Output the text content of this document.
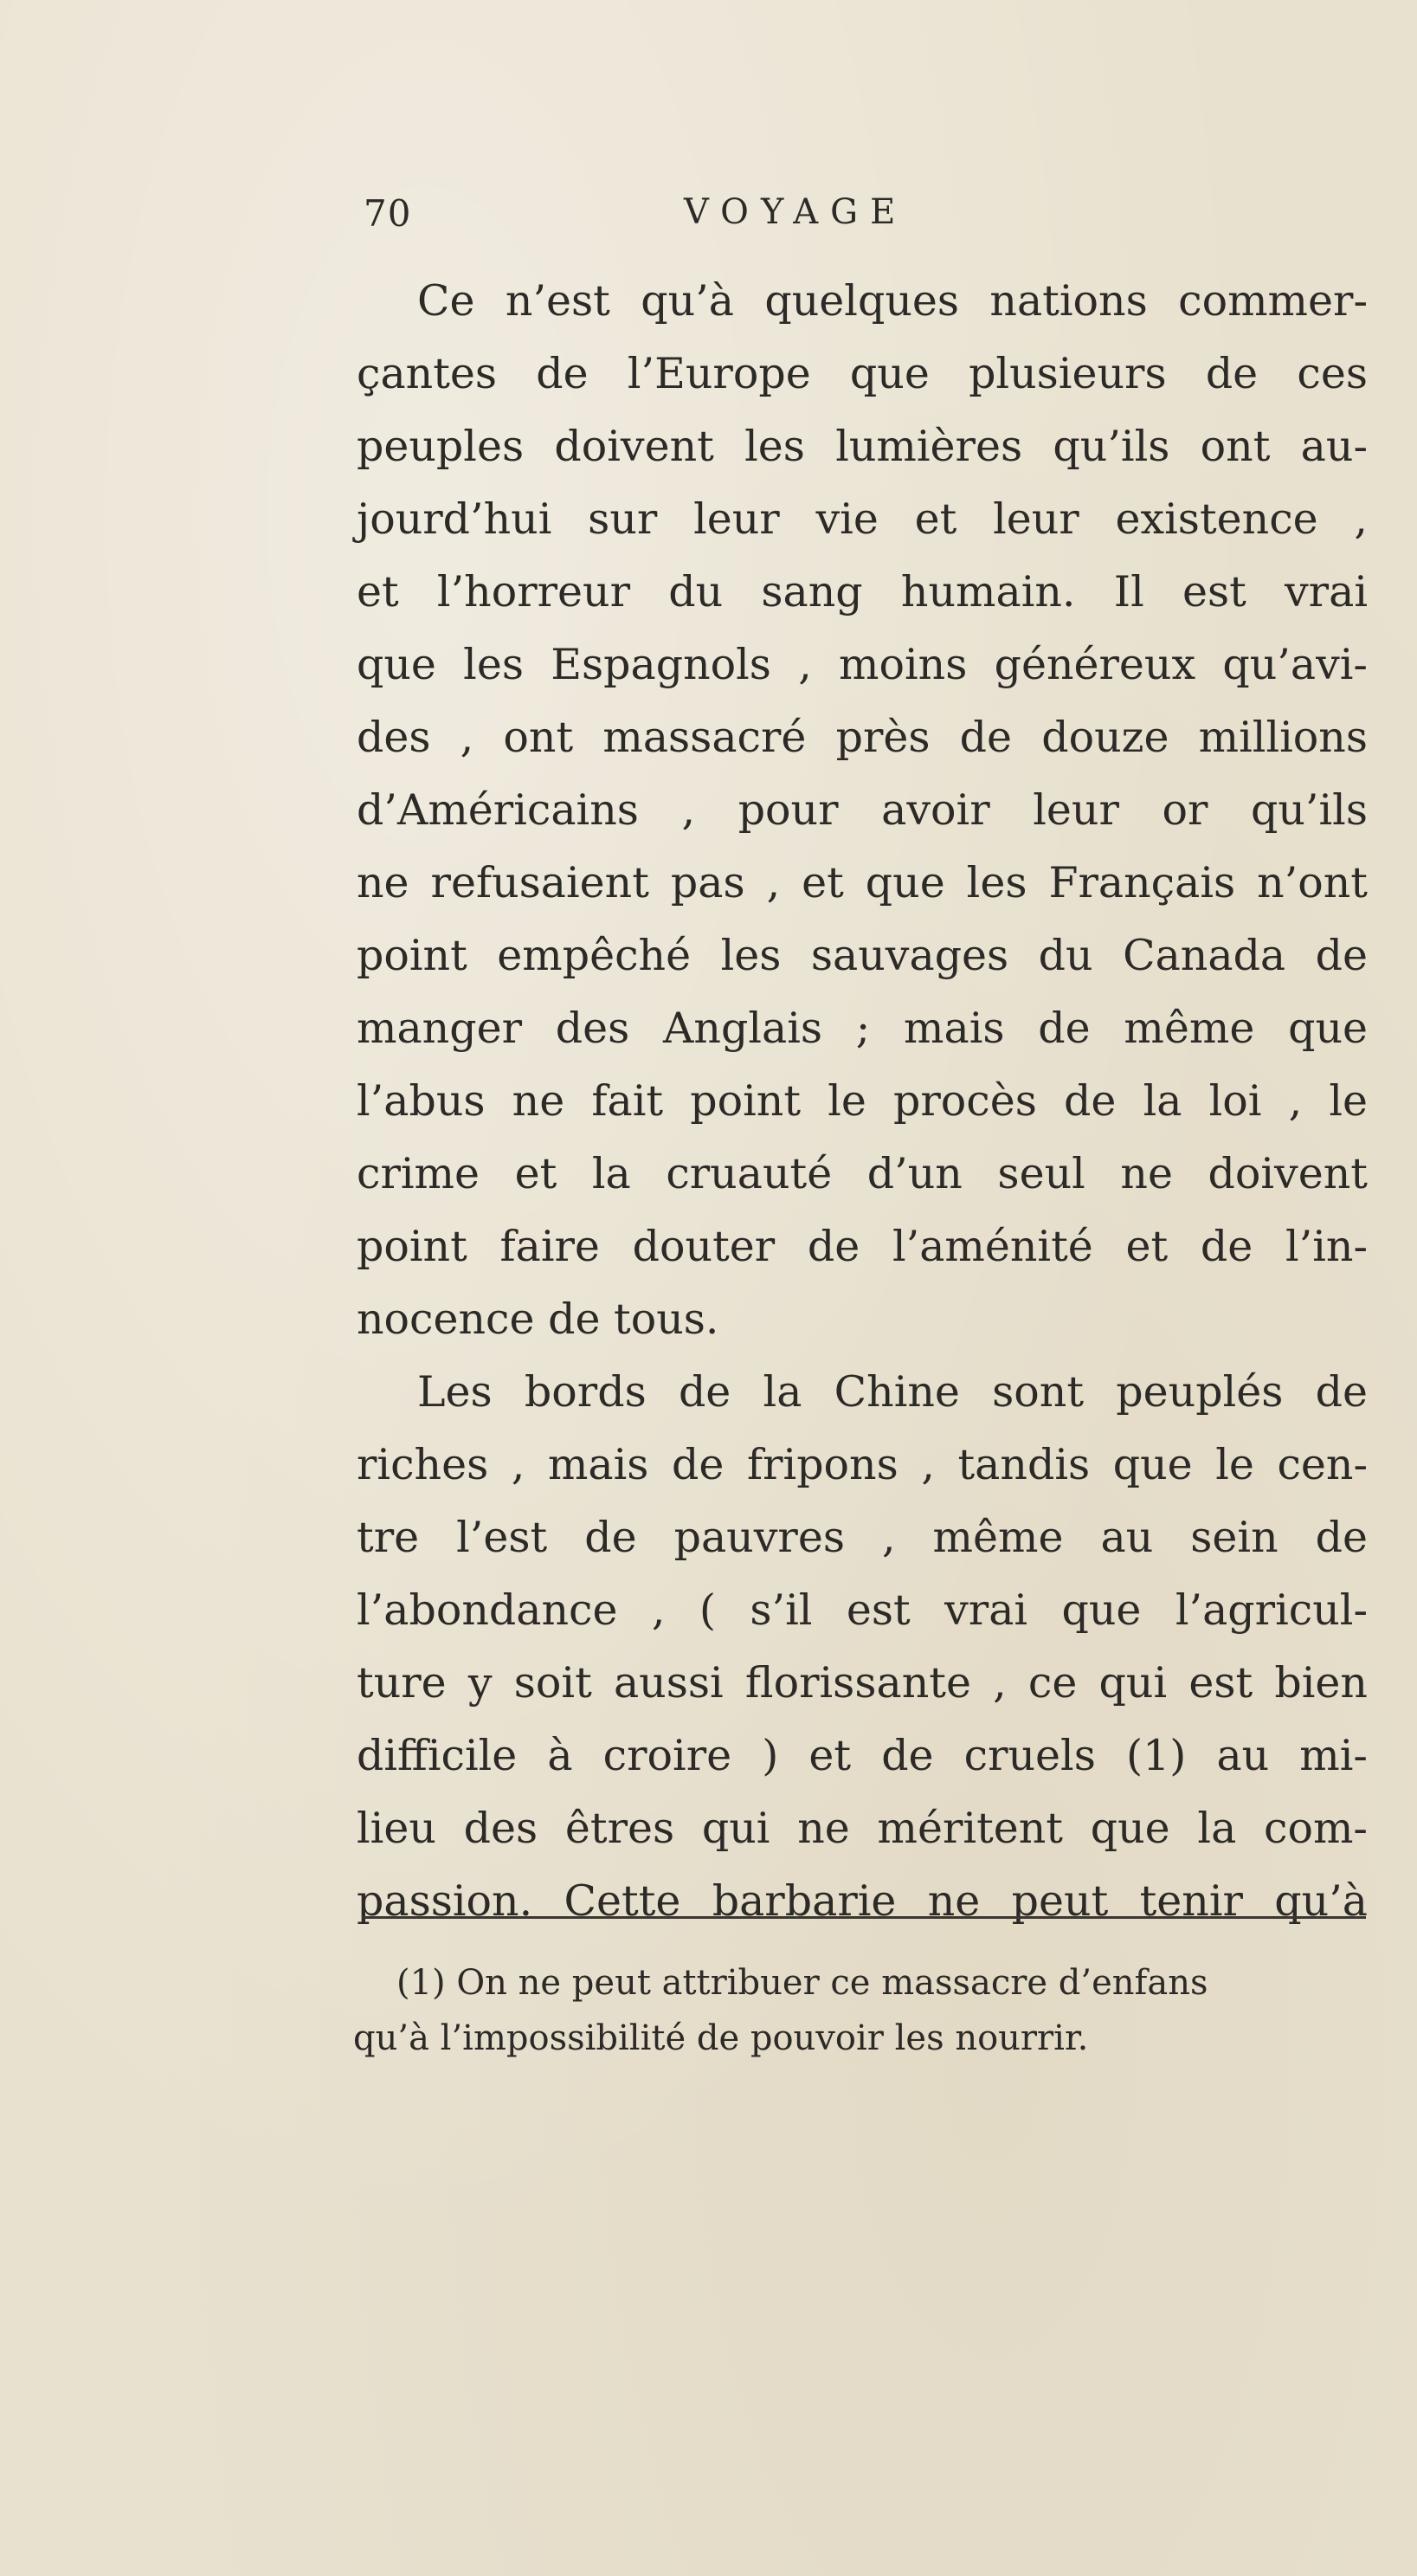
70	VOYAGE
Ce n’est qu’à quelques nations commer-
çantes de l’Europe que plusieurs de ces
peuples doivent les lumières qu’ils ont au-
jourd’hui sur leur vie et leur existence ,
et l’horreur du sang humain. Il est vrai
que les Espagnols , moins généreux qu’avi-
des , ont massacré près de douze millions
d’Américains , pour avoir leur or qu’ils
ne refusaient pas , et que les Français n’ont
point empêché les sauvages du Canada de
manger des Anglais ; mais de même que
l’abus ne fait point le procès de la loi , le
crime et la cruauté d’un seul ne doivent
point faire douter de l’aménité et de l’in-
nocence de tous.
Les bords de la Chine sont peuplés de
riches , mais de fripons , tandis que le cen-
tre l’est de pauvres , même au sein de
l’abondance , ( s’il est vrai que l’agricul-
ture y soit aussi florissante , ce qui est bien
difficile à croire ) et de cruels (1) au mi-
lieu des êtres qui ne méritent que la com-
passion. Cette barbarie ne peut tenir qu’à
(1) On ne peut attribuer ce massacre d’enfans
qu’à l’impossibilité de pouvoir les nourrir.
